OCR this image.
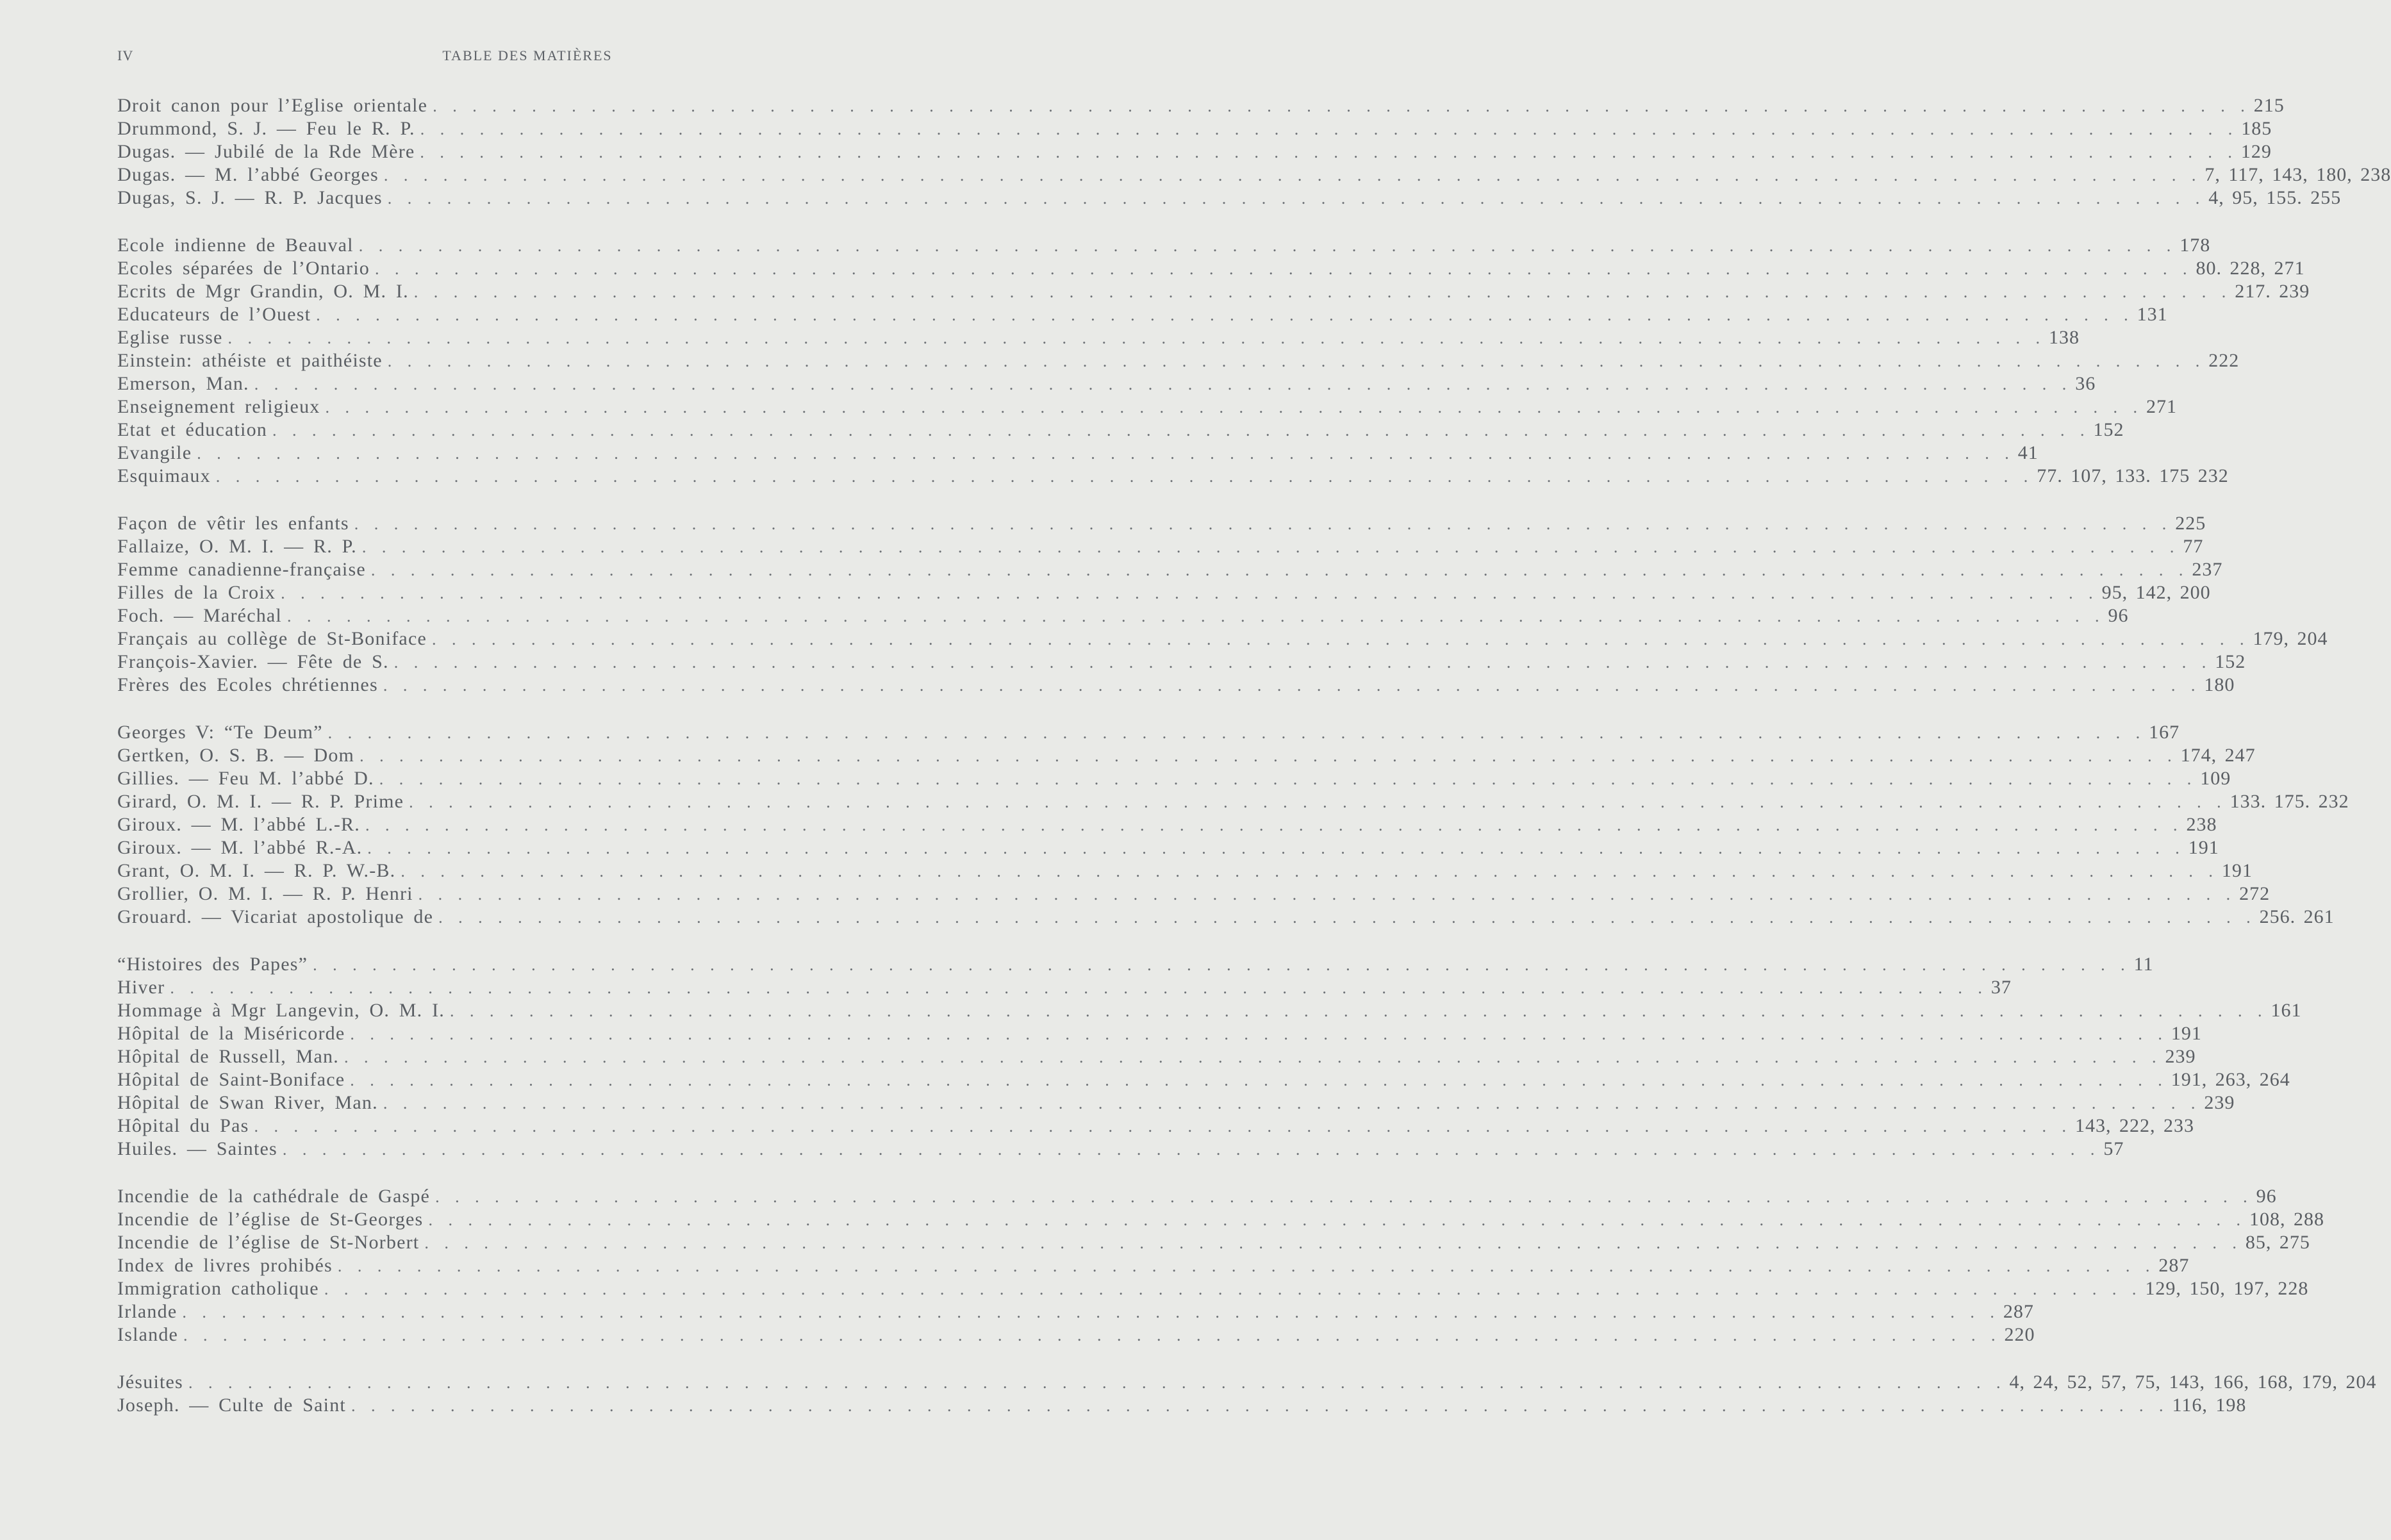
IV	TABLE DES MATIÈRES
Droit canon pour l’Eglise orientale . . . . . . . . . . . . . . . . . . . . . . . . . . . . . . . . . . . . . . . . . . . . . . . . . . . . . . . . . . . . . . . . . . . . . . . . . . . . . . . . . . . . . . . . . . . . 215
Drummond, S. J. — Feu le R. P. . . . . . . . . . . . . . . . . . . . . . . . . . . . . . . . . . . . . . . . . . . . . . . . . . . . . . . . . . . . . . . . . . . . . . . . . . . . . . . . . . . . . . . . . . . . . 185
Dugas. — Jubilé de la Rde Mère . . . . . . . . . . . . . . . . . . . . . . . . . . . . . . . . . . . . . . . . . . . . . . . . . . . . . . . . . . . . . . . . . . . . . . . . . . . . . . . . . . . . . . . . . . . . 129
Dugas. — M. l’abbé Georges . . . . . . . . . . . . . . . . . . . . . . . . . . . . . . . . . . . . . . . . . . . . . . . . . . . . . . . . . . . . . . . . . . . . . . . . . . . . . . . . . . . . . . . . . . . . 7, 117, 143, 180, 238
Dugas, S. J. — R. P. Jacques . . . . . . . . . . . . . . . . . . . . . . . . . . . . . . . . . . . . . . . . . . . . . . . . . . . . . . . . . . . . . . . . . . . . . . . . . . . . . . . . . . . . . . . . . . . . 4, 95, 155. 255
Ecole indienne de Beauval . . . . . . . . . . . . . . . . . . . . . . . . . . . . . . . . . . . . . . . . . . . . . . . . . . . . . . . . . . . . . . . . . . . . . . . . . . . . . . . . . . . . . . . . . . . . 178
Ecoles séparées de l’Ontario . . . . . . . . . . . . . . . . . . . . . . . . . . . . . . . . . . . . . . . . . . . . . . . . . . . . . . . . . . . . . . . . . . . . . . . . . . . . . . . . . . . . . . . . . . . . 80. 228, 271
Ecrits de Mgr Grandin, O. M. I. . . . . . . . . . . . . . . . . . . . . . . . . . . . . . . . . . . . . . . . . . . . . . . . . . . . . . . . . . . . . . . . . . . . . . . . . . . . . . . . . . . . . . . . . . . . . 217. 239
Educateurs de l’Ouest . . . . . . . . . . . . . . . . . . . . . . . . . . . . . . . . . . . . . . . . . . . . . . . . . . . . . . . . . . . . . . . . . . . . . . . . . . . . . . . . . . . . . . . . . . . . 131
Eglise russe . . . . . . . . . . . . . . . . . . . . . . . . . . . . . . . . . . . . . . . . . . . . . . . . . . . . . . . . . . . . . . . . . . . . . . . . . . . . . . . . . . . . . . . . . . . . 138
Einstein: athéiste et paithéiste . . . . . . . . . . . . . . . . . . . . . . . . . . . . . . . . . . . . . . . . . . . . . . . . . . . . . . . . . . . . . . . . . . . . . . . . . . . . . . . . . . . . . . . . . . . . 222
Emerson, Man. . . . . . . . . . . . . . . . . . . . . . . . . . . . . . . . . . . . . . . . . . . . . . . . . . . . . . . . . . . . . . . . . . . . . . . . . . . . . . . . . . . . . . . . . . . . . 36
Enseignement religieux . . . . . . . . . . . . . . . . . . . . . . . . . . . . . . . . . . . . . . . . . . . . . . . . . . . . . . . . . . . . . . . . . . . . . . . . . . . . . . . . . . . . . . . . . . . . 271
Etat et éducation . . . . . . . . . . . . . . . . . . . . . . . . . . . . . . . . . . . . . . . . . . . . . . . . . . . . . . . . . . . . . . . . . . . . . . . . . . . . . . . . . . . . . . . . . . . . 152
Evangile . . . . . . . . . . . . . . . . . . . . . . . . . . . . . . . . . . . . . . . . . . . . . . . . . . . . . . . . . . . . . . . . . . . . . . . . . . . . . . . . . . . . . . . . . . . . 41
Esquimaux . . . . . . . . . . . . . . . . . . . . . . . . . . . . . . . . . . . . . . . . . . . . . . . . . . . . . . . . . . . . . . . . . . . . . . . . . . . . . . . . . . . . . . . . . . . . 77. 107, 133. 175 232
Façon de vêtir les enfants . . . . . . . . . . . . . . . . . . . . . . . . . . . . . . . . . . . . . . . . . . . . . . . . . . . . . . . . . . . . . . . . . . . . . . . . . . . . . . . . . . . . . . . . . . . . 225
Fallaize, O. M. I. — R. P. . . . . . . . . . . . . . . . . . . . . . . . . . . . . . . . . . . . . . . . . . . . . . . . . . . . . . . . . . . . . . . . . . . . . . . . . . . . . . . . . . . . . . . . . . . . . 77
Femme canadienne-française . . . . . . . . . . . . . . . . . . . . . . . . . . . . . . . . . . . . . . . . . . . . . . . . . . . . . . . . . . . . . . . . . . . . . . . . . . . . . . . . . . . . . . . . . . . . 237
Filles de la Croix . . . . . . . . . . . . . . . . . . . . . . . . . . . . . . . . . . . . . . . . . . . . . . . . . . . . . . . . . . . . . . . . . . . . . . . . . . . . . . . . . . . . . . . . . . . . 95, 142, 200
Foch. — Maréchal . . . . . . . . . . . . . . . . . . . . . . . . . . . . . . . . . . . . . . . . . . . . . . . . . . . . . . . . . . . . . . . . . . . . . . . . . . . . . . . . . . . . . . . . . . . . 96
Français au collège de St-Boniface . . . . . . . . . . . . . . . . . . . . . . . . . . . . . . . . . . . . . . . . . . . . . . . . . . . . . . . . . . . . . . . . . . . . . . . . . . . . . . . . . . . . . . . . . . . . 179, 204
François-Xavier. — Fête de S. . . . . . . . . . . . . . . . . . . . . . . . . . . . . . . . . . . . . . . . . . . . . . . . . . . . . . . . . . . . . . . . . . . . . . . . . . . . . . . . . . . . . . . . . . . . . 152
Frères des Ecoles chrétiennes . . . . . . . . . . . . . . . . . . . . . . . . . . . . . . . . . . . . . . . . . . . . . . . . . . . . . . . . . . . . . . . . . . . . . . . . . . . . . . . . . . . . . . . . . . . . 180
Georges V: “Te Deum” . . . . . . . . . . . . . . . . . . . . . . . . . . . . . . . . . . . . . . . . . . . . . . . . . . . . . . . . . . . . . . . . . . . . . . . . . . . . . . . . . . . . . . . . . . . . 167
Gertken, O. S. B. — Dom . . . . . . . . . . . . . . . . . . . . . . . . . . . . . . . . . . . . . . . . . . . . . . . . . . . . . . . . . . . . . . . . . . . . . . . . . . . . . . . . . . . . . . . . . . . . 174, 247
Gillies. — Feu M. l’abbé D. . . . . . . . . . . . . . . . . . . . . . . . . . . . . . . . . . . . . . . . . . . . . . . . . . . . . . . . . . . . . . . . . . . . . . . . . . . . . . . . . . . . . . . . . . . . . 109
Girard, O. M. I. — R. P. Prime . . . . . . . . . . . . . . . . . . . . . . . . . . . . . . . . . . . . . . . . . . . . . . . . . . . . . . . . . . . . . . . . . . . . . . . . . . . . . . . . . . . . . . . . . . . . 133. 175. 232
Giroux. — M. l’abbé L.-R. . . . . . . . . . . . . . . . . . . . . . . . . . . . . . . . . . . . . . . . . . . . . . . . . . . . . . . . . . . . . . . . . . . . . . . . . . . . . . . . . . . . . . . . . . . . . 238
Giroux. — M. l’abbé R.-A. . . . . . . . . . . . . . . . . . . . . . . . . . . . . . . . . . . . . . . . . . . . . . . . . . . . . . . . . . . . . . . . . . . . . . . . . . . . . . . . . . . . . . . . . . . . . 191
Grant, O. M. I. — R. P. W.-B. . . . . . . . . . . . . . . . . . . . . . . . . . . . . . . . . . . . . . . . . . . . . . . . . . . . . . . . . . . . . . . . . . . . . . . . . . . . . . . . . . . . . . . . . . . . . 191
Grollier, O. M. I. — R. P. Henri . . . . . . . . . . . . . . . . . . . . . . . . . . . . . . . . . . . . . . . . . . . . . . . . . . . . . . . . . . . . . . . . . . . . . . . . . . . . . . . . . . . . . . . . . . . . 272
Grouard. — Vicariat apostolique de . . . . . . . . . . . . . . . . . . . . . . . . . . . . . . . . . . . . . . . . . . . . . . . . . . . . . . . . . . . . . . . . . . . . . . . . . . . . . . . . . . . . . . . . . . . . 256. 261
“Histoires des Papes” . . . . . . . . . . . . . . . . . . . . . . . . . . . . . . . . . . . . . . . . . . . . . . . . . . . . . . . . . . . . . . . . . . . . . . . . . . . . . . . . . . . . . . . . . . . . 11
Hiver . . . . . . . . . . . . . . . . . . . . . . . . . . . . . . . . . . . . . . . . . . . . . . . . . . . . . . . . . . . . . . . . . . . . . . . . . . . . . . . . . . . . . . . . . . . . 37
Hommage à Mgr Langevin, O. M. I. . . . . . . . . . . . . . . . . . . . . . . . . . . . . . . . . . . . . . . . . . . . . . . . . . . . . . . . . . . . . . . . . . . . . . . . . . . . . . . . . . . . . . . . . . . . . 161
Hôpital de la Miséricorde . . . . . . . . . . . . . . . . . . . . . . . . . . . . . . . . . . . . . . . . . . . . . . . . . . . . . . . . . . . . . . . . . . . . . . . . . . . . . . . . . . . . . . . . . . . . 191
Hôpital de Russell, Man. . . . . . . . . . . . . . . . . . . . . . . . . . . . . . . . . . . . . . . . . . . . . . . . . . . . . . . . . . . . . . . . . . . . . . . . . . . . . . . . . . . . . . . . . . . . . 239
Hôpital de Saint-Boniface . . . . . . . . . . . . . . . . . . . . . . . . . . . . . . . . . . . . . . . . . . . . . . . . . . . . . . . . . . . . . . . . . . . . . . . . . . . . . . . . . . . . . . . . . . . . 191, 263, 264
Hôpital de Swan River, Man. . . . . . . . . . . . . . . . . . . . . . . . . . . . . . . . . . . . . . . . . . . . . . . . . . . . . . . . . . . . . . . . . . . . . . . . . . . . . . . . . . . . . . . . . . . . . 239
Hôpital du Pas . . . . . . . . . . . . . . . . . . . . . . . . . . . . . . . . . . . . . . . . . . . . . . . . . . . . . . . . . . . . . . . . . . . . . . . . . . . . . . . . . . . . . . . . . . . . 143, 222, 233
Huiles. — Saintes . . . . . . . . . . . . . . . . . . . . . . . . . . . . . . . . . . . . . . . . . . . . . . . . . . . . . . . . . . . . . . . . . . . . . . . . . . . . . . . . . . . . . . . . . . . . 57
Incendie de la cathédrale de Gaspé . . . . . . . . . . . . . . . . . . . . . . . . . . . . . . . . . . . . . . . . . . . . . . . . . . . . . . . . . . . . . . . . . . . . . . . . . . . . . . . . . . . . . . . . . . . . 96
Incendie de l’église de St-Georges . . . . . . . . . . . . . . . . . . . . . . . . . . . . . . . . . . . . . . . . . . . . . . . . . . . . . . . . . . . . . . . . . . . . . . . . . . . . . . . . . . . . . . . . . . . . 108, 288
Incendie de l’église de St-Norbert . . . . . . . . . . . . . . . . . . . . . . . . . . . . . . . . . . . . . . . . . . . . . . . . . . . . . . . . . . . . . . . . . . . . . . . . . . . . . . . . . . . . . . . . . . . . 85, 275
Index de livres prohibés . . . . . . . . . . . . . . . . . . . . . . . . . . . . . . . . . . . . . . . . . . . . . . . . . . . . . . . . . . . . . . . . . . . . . . . . . . . . . . . . . . . . . . . . . . . . 287
Immigration catholique . . . . . . . . . . . . . . . . . . . . . . . . . . . . . . . . . . . . . . . . . . . . . . . . . . . . . . . . . . . . . . . . . . . . . . . . . . . . . . . . . . . . . . . . . . . . 129, 150, 197, 228
Irlande . . . . . . . . . . . . . . . . . . . . . . . . . . . . . . . . . . . . . . . . . . . . . . . . . . . . . . . . . . . . . . . . . . . . . . . . . . . . . . . . . . . . . . . . . . . . 287
Islande . . . . . . . . . . . . . . . . . . . . . . . . . . . . . . . . . . . . . . . . . . . . . . . . . . . . . . . . . . . . . . . . . . . . . . . . . . . . . . . . . . . . . . . . . . . . 220
Jésuites . . . . . . . . . . . . . . . . . . . . . . . . . . . . . . . . . . . . . . . . . . . . . . . . . . . . . . . . . . . . . . . . . . . . . . . . . . . . . . . . . . . . . . . . . . . . 4, 24, 52, 57, 75, 143, 166, 168, 179, 204
Joseph. — Culte de Saint . . . . . . . . . . . . . . . . . . . . . . . . . . . . . . . . . . . . . . . . . . . . . . . . . . . . . . . . . . . . . . . . . . . . . . . . . . . . . . . . . . . . . . . . . . . . 116, 198
